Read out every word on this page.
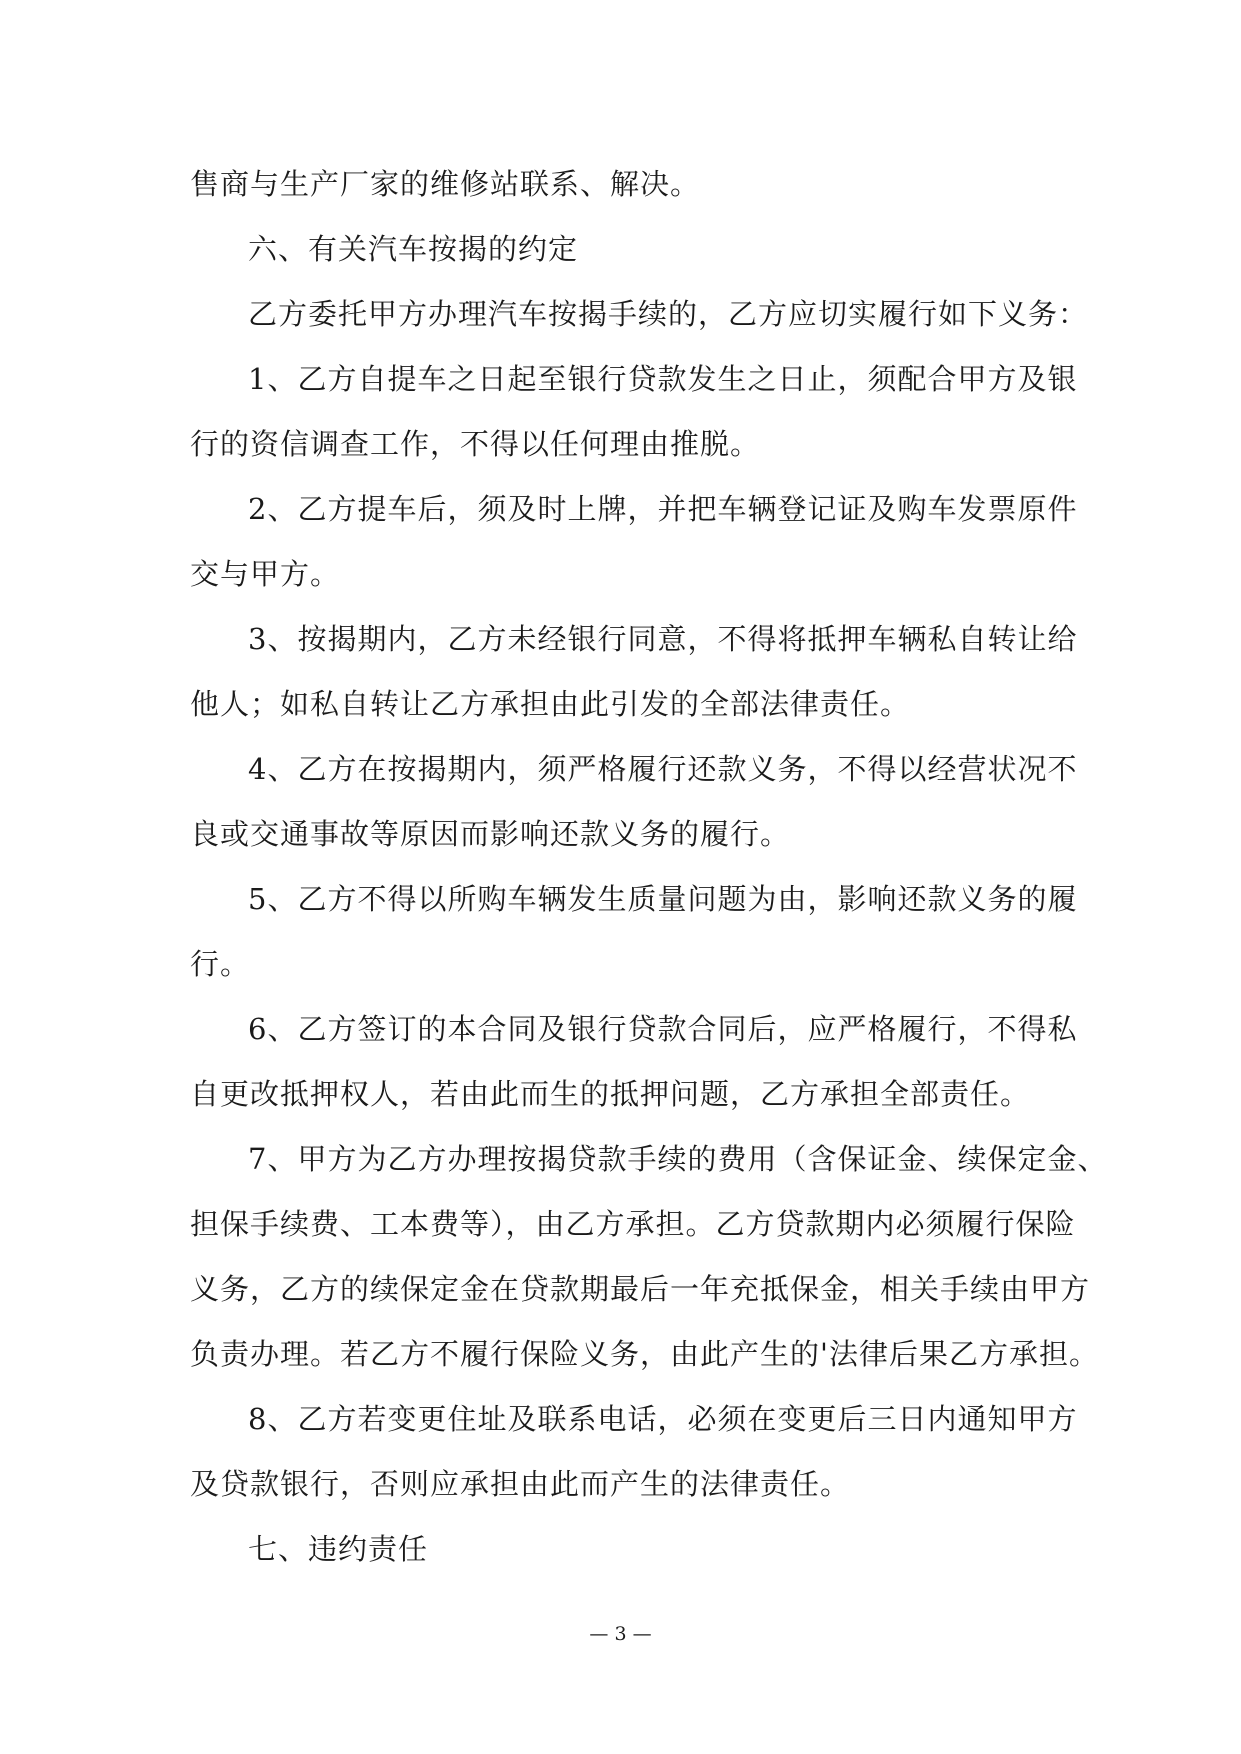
售商与生产厂家的维修站联系、解决。
六、有关汽车按揭的约定
乙方委托甲方办理汽车按揭手续的，乙方应切实履行如下义务：
1、乙方自提车之日起至银行贷款发生之日止，须配合甲方及银
行的资信调查工作，不得以任何理由推脱。
2、乙方提车后，须及时上牌，并把车辆登记证及购车发票原件
交与甲方。
3、按揭期内，乙方未经银行同意，不得将抵押车辆私自转让给
他人；如私自转让乙方承担由此引发的全部法律责任。
4、乙方在按揭期内，须严格履行还款义务，不得以经营状况不
良或交通事故等原因而影响还款义务的履行。
5、乙方不得以所购车辆发生质量问题为由，影响还款义务的履
行。
6、乙方签订的本合同及银行贷款合同后，应严格履行，不得私
自更改抵押权人，若由此而生的抵押问题，乙方承担全部责任。
7、甲方为乙方办理按揭贷款手续的费用（含保证金、续保定金、
担保手续费、工本费等），由乙方承担。乙方贷款期内必须履行保险
义务，乙方的续保定金在贷款期最后一年充抵保金，相关手续由甲方
负责办理。若乙方不履行保险义务，由此产生的'法律后果乙方承担。
8、乙方若变更住址及联系电话，必须在变更后三日内通知甲方
及贷款银行，否则应承担由此而产生的法律责任。
七、违约责任
— 3 —
